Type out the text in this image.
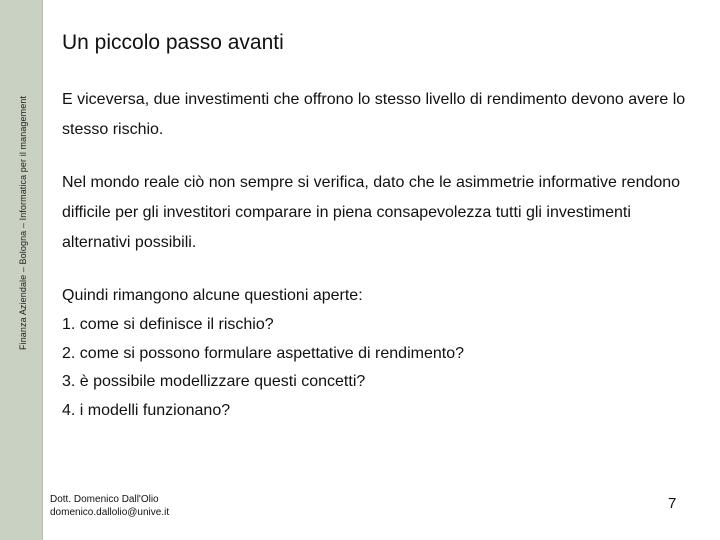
Finanza Aziendale – Bologna – Informatica per il management
Un piccolo passo avanti

E viceversa, due investimenti che offrono lo stesso livello di rendimento devono avere lo stesso rischio.

Nel mondo reale ciò non sempre si verifica, dato che le asimmetrie informative rendono difficile per gli investitori comparare in piena consapevolezza tutti gli investimenti alternativi possibili.

Quindi rimangono alcune questioni aperte:

1. come si definisce il rischio?
2. come si possono formulare aspettative di rendimento?
3. è possibile modellizzare questi concetti?
4. i modelli funzionano?
Dott. Domenico Dall'Olio
domenico.dallolio@unive.it
7
